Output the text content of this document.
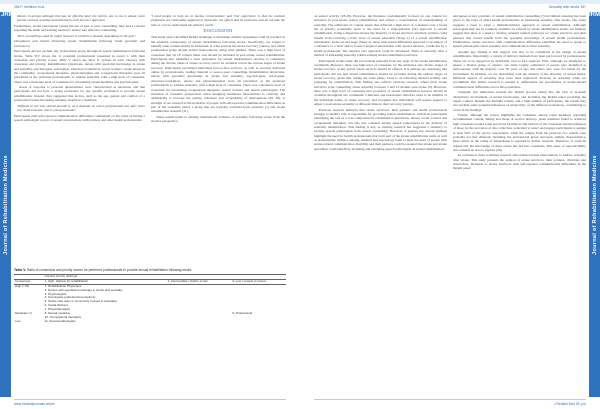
356 P. Hellblom et al.
Journal of Rehabilitation Medicine
JRM discuss in groups although this may be effective later, the reform, one to one is aimed, more person-centred, sensitive and tailored to each person's approach.

Furthermore, stroke participants valued the use of peer to peer counselling; they had a concern regarding the skills and training needed to ensure safe effective counselling.

'Peer counselling could be useful however it could be a disaster depending on the peer'.

Disruptions and trouble delivering sexual rehabilitation following stroke (provider and consumers)

Participants did not exclude any professional group throughout sexual rehabilitation following stroke. Table SIV shows the 11 potential professionals presented in round 1, with their consensus and priority scores. Table V shows the final 11 options in each category with consensus and priority. Rehabilitation physicians, nurses with specialist knowledge in stroke and sexuality, psychologists, sexologists, educators/counsellors, social workers, stroke nurses in the community, occupational therapists, physiotherapists and occupational therapists were all prioritized as the preferred professionals to address sexuality, with a high level of consensus. There was a moderate level of consensus for prioritizing sexual medicine and psychologists.

Areas of response to personal questionnaire were characterized as uncertain, and that participants did not have a strong preference for any specific profession to provide sexual rehabilitation. Instead, they suggested that factors, such as the age, gender and comfort of a professional when discussing sexuality should be considered.

'Difficult to tell who should provide it, as it depends on which professionals are safe; there are. Need someone who is young and male'.

Participants with self-reported communication difficulties commented on the value of having a speech pathologist as part of sexual conversations with partners and other health professionals.

'I need people to help me in having conversations' and 'Our experience is that the medical profession are continually apparent to physician: the efforts and its treatment, and do not take the time or care to understand the patient's needs.'

DISCUSSION

This study used a modified Delphi technique to determine whether agreement could be reached on the essential components of sexual rehabilitation following stroke. Specifically, we sought to identify what content should be addressed, at what point in the stroke recovery journey, and which professional group should deliver interventions, using what method. There was a high level of consensus that all 18 content items was should be included in post-stroke sexual rehabilitation. Participants also identified a clear preference for sexual rehabilitation services to commence during the chronic phase of stroke recovery and to be available across the various stages of stroke recovery. Participants prioritized individual face-to-face services, as well as services delivered online by professionals, reading material or peer-to-peer counselling. Rehabilitation physicians, nurses with specialist knowledge in stroke and sexuality, psychologists, sexologists, educators/counsellors, nurses and physiotherapists were all prioritized as the preferred professionals to address sexuality, with a high level of consensus. There was a moderate level of consensus for prioritizing occupational therapists, sexual workers and speech pathologists. The inclusion of consumer perspectives when designing healthcare interventions is critically and additionally to increase the quality, relevance and acceptability of interventions (29, 30). A strength of our research is the inclusion of people with self-reported communication difficulties as part of the consumer panel, a group that are typically excluded from sexuality (1) and stroke rehabilitation research (31).

These results build on existing international evidence of sexuality following stroke from the stroke's perspective

Table V. Ratio of consensus and priority scores for preferred professionals to provide sexual rehabilitation following stroke
	Content priority rankings		
Consensus	1. High, Highest for rehabilitation	2. Intermediate / Higher to low	3. Low / Lowest to lowest
High (>75)	1. Rehabilitation Physicians		
	2. Nurses with specialist knowledge in stroke and sexuality		
	3. Psychologists		
	4. Sexologists (educators/counsellors)		
	5. Stroke care team in community (nurses in Australia)		
	6. Social Workers		
	7. Physiotherapists		
Moderate (>)	8. Sexual medicine		9. Professional
	10. Occupational therapists		
Low	11. Sexual pathologists		
www.medicaljournals.se/jrm
Sexuality after stroke 357
Journal of Rehabilitation Medicine
JRM

on sexual activity (18-28). However, the literature predominantly focused on one content for inclusion in post-stroke sexual rehabilitation and lacked a consolidation of understanding of sexuality. The additional 27 content issues that achieved a high level of consensus over a broad list of priority, potentially point to the need for a subpopulation (32) approach to sexual rehabilitation. Using a dispersion model, the majority of stroke survivors and their partners could benefit from receiving a basic level of sexual education (Stage 1) of a sexual rehabilitation information. In the second stage (Stage 2), those with sexual difficulties appeared to be subject of a reference to a brief and/or focused targeted intervention with special advance, conducted by a health professional. The targeted care approach could be developed. There is currently offer a method of addressing sexuality within existing stroke rehabilitation services.

Participants in this study did not exclude sexuality from any stage of the stroke rehabilitation continuum. However, there was high level of consensus for the substance and chronic stages of stroke recovery, as key points where services should be offered. It is perhaps not surprising that participants did not feel sexual rehabilitation should be provided during the earliest stages of stroke recovery, given that, during the acute phase, focus is on achieving medical stability and preparing for rehabilitation. This finding also reflects previous research, where most stroke survivors want counselling about sexuality between 3 and 12 months post-stroke (9). However, there was a high level of consensus that provision of sexual rehabilitation services should be available throughout the continuum. Clinicians and researchers therefore need to be mindful of the individual nature of stroke recovery, and recognize that individuals will require support to adjust to post-stroke sexuality at different times in their recovery journey.

Previous research indicates that stroke survivors, their partners and health professionals struggle to identify who is responsible for providing sexual rehabilitation, with most participants identifying the role as a core component for rehabilitation physicians, nurses, social workers and occupational therapists, but also less common among speech pathologists in the delivery of sexuality rehabilitation. This finding is key, as existing research has suggested a tendency to exclude speech pathologists from sexual counselling. However, it appears the current findings highlight the need for health professionals that form part of the stroke rehabilitation team, as well as professionals within a nursing, medical and psychology team to meet the need of people with stroke-related communication disability and their partners could be assured that stroke and stroke specialists could benefit by including and extending speech pathologists in sexual rehabilitation.

and nurses as key providers of sexual rehabilitation counselling (?) but limited attention has been given to the roles of allied health professionals in addressing sexuality after stroke. Our study suggests a need to adopt a multidisciplinary approach to sexual rehabilitation. Although sexologists may not be routinely available for referral by stroke rehabilitation teams, our findings suggest that there is a need to develop retained referral pathways for stroke survivors and their partners that would benefit from the specialist knowledge of sexual health professionals. Furthermore, stroke survivors with communication difficulties identified the need to speak to speech pathologists about sexuality and communication about sexuality.

Another key finding is that support was also to be considered in the design of sexual rehabilitation. Importantly, a variety of delivery methods have been put forward by professionals. These are to be supported by individual, face-to-face sessions. First, although we attempted to ensure a diverse group of experts, our study largely comprised of people who identified as heterosexual, with the majority over 50 years of age; and others who were not suited for the recruitment. In addition, we are dissatisfied with the absence of the diversity of sexual issues. Different aspects of sexuality may have been neglected; diversity in sexuality while we recommend that further research is needed to differentiate the specificities of stroke-related communication difficulties across this population.

Strengths and limitations include the Delphi process taking into the lack of in-depth disciplinary involvement of sexual functioning, and including the Delphi panel providing the expert content. Despite the multiple rounds, and a high number of participants, the results may also include some potential influences of subjectivity of the different professions, contributing to a bias in the findings.

Finally, although the review highlights the consensus among panel members regarding recommended content, timing and mode of service delivery, panel members failed to achieved high consensus around some perceived facilitators and barriers of the consensus and the influence of those for the provision of data collection. A method to select and engage participants to sample at least 50% of the survey respondents, while the sample from the previous two rounds were probably not that different, including the professional group surveyed, sample characteristics, more detail on the rating of issues/items is required in further research. Therefore, it could be argued that the knowledge of these issues has fed into consensus. This issue of reproducibility also remains an area to explore (26).

In conclusion, there is limited research and evidence-based interventions to address sexuality after stroke. This study presents the opinion of stroke survivors, their partners, clinicians and researchers. Inclusion of stroke survivors with self-reported communication difficulties in the Delphi panel

J Rehabil Med 55, jrm
